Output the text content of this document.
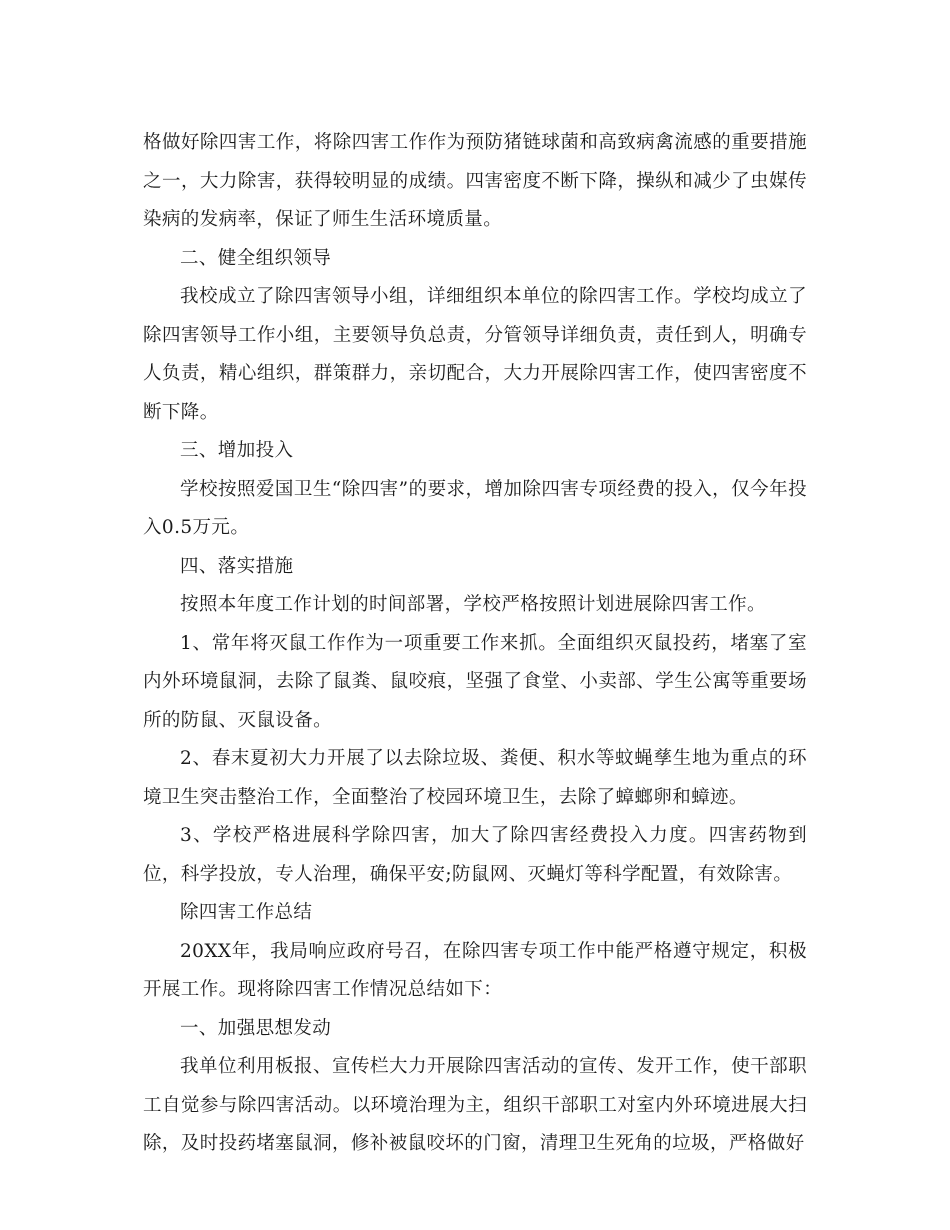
格做好除四害工作，将除四害工作作为预防猪链球菌和高致病禽流感的重要措施之一，大力除害，获得较明显的成绩。四害密度不断下降，操纵和减少了虫媒传染病的发病率，保证了师生生活环境质量。

二、健全组织领导

我校成立了除四害领导小组，详细组织本单位的除四害工作。学校均成立了除四害领导工作小组，主要领导负总责，分管领导详细负责，责任到人，明确专人负责，精心组织，群策群力，亲切配合，大力开展除四害工作，使四害密度不断下降。

三、增加投入

学校按照爱国卫生“除四害”的要求，增加除四害专项经费的投入，仅今年投入0.5万元。

四、落实措施

按照本年度工作计划的时间部署，学校严格按照计划进展除四害工作。

1、常年将灭鼠工作作为一项重要工作来抓。全面组织灭鼠投药，堵塞了室内外环境鼠洞，去除了鼠粪、鼠咬痕，坚强了食堂、小卖部、学生公寓等重要场所的防鼠、灭鼠设备。

2、春末夏初大力开展了以去除垃圾、粪便、积水等蚊蝇孳生地为重点的环境卫生突击整治工作，全面整治了校园环境卫生，去除了蟑螂卵和蟑迹。

3、学校严格进展科学除四害，加大了除四害经费投入力度。四害药物到位，科学投放，专人治理，确保平安;防鼠网、灭蝇灯等科学配置，有效除害。

除四害工作总结

20XX年，我局响应政府号召，在除四害专项工作中能严格遵守规定，积极开展工作。现将除四害工作情况总结如下：

一、加强思想发动

我单位利用板报、宣传栏大力开展除四害活动的宣传、发开工作，使干部职工自觉参与除四害活动。以环境治理为主，组织干部职工对室内外环境进展大扫除，及时投药堵塞鼠洞，修补被鼠咬坏的门窗，清理卫生死角的垃圾，严格做好
